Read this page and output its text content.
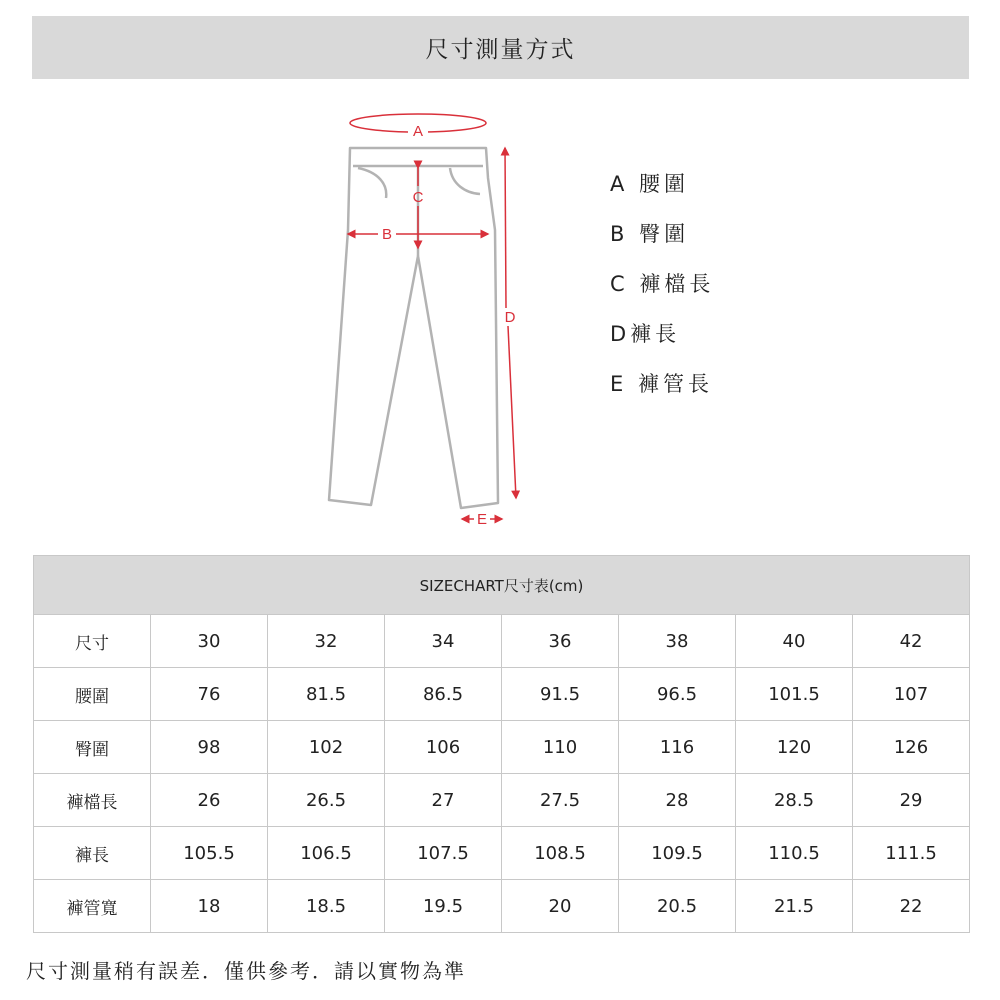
尺寸測量方式
A
C
B
D
E
A 腰圍
B 臀圍
C 褲檔長
D褲長
E 褲管長
SIZECHART尺寸表(cm)							
尺寸	30	32	34	36	38	40	42
腰圍	76	81.5	86.5	91.5	96.5	101.5	107
臀圍	98	102	106	110	116	120	126
褲檔長	26	26.5	27	27.5	28	28.5	29
褲長	105.5	106.5	107.5	108.5	109.5	110.5	111.5
褲管寬	18	18.5	19.5	20	20.5	21.5	22
尺寸測量稍有誤差．僅供參考．請以實物為準
